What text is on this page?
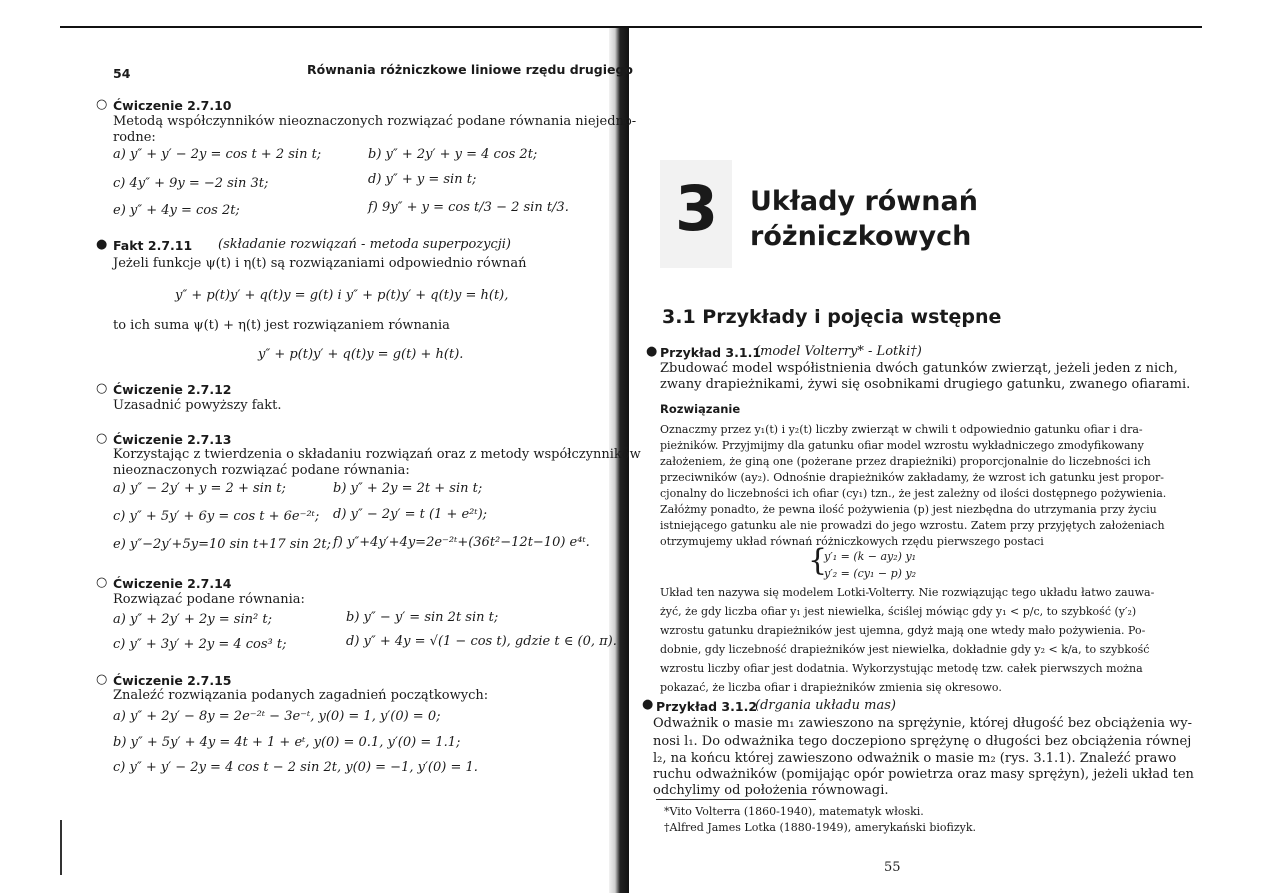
54	Równania różniczkowe liniowe rzędu drugiego
○ Ćwiczenie 2.7.10
Metodą współczynników nieoznaczonych rozwiązać podane równania niejedno-
rodne:
a) y″ + y′ − 2y = cos t + 2 sin t;	b) y″ + 2y′ + y = 4 cos 2t;
c) 4y″ + 9y = −2 sin 3t;	d) y″ + y = sin t;
e) y″ + 4y = cos 2t;	f) 9y″ + y = cos t/3 − 2 sin t/3.
● Fakt 2.7.11 (składanie rozwiązań - metoda superpozycji)
Jeżeli funkcje ψ(t) i η(t) są rozwiązaniami odpowiednio równań
y″ + p(t)y′ + q(t)y = g(t) i y″ + p(t)y′ + q(t)y = h(t),
to ich suma ψ(t) + η(t) jest rozwiązaniem równania
y″ + p(t)y′ + q(t)y = g(t) + h(t).
○ Ćwiczenie 2.7.12
Uzasadnić powyższy fakt.
○ Ćwiczenie 2.7.13
Korzystając z twierdzenia o składaniu rozwiązań oraz z metody współczynników
nieoznaczonych rozwiązać podane równania:
a) y″ − 2y′ + y = 2 + sin t;	b) y″ + 2y = 2t + sin t;
c) y″ + 5y′ + 6y = cos t + 6e⁻²ᵗ; d) y″ − 2y′ = t (1 + e²ᵗ);
e) y″−2y′+5y=10 sin t+17 sin 2t; f) y″+4y′+4y=2e⁻²ᵗ+(36t²−12t−10) e⁴ᵗ.
○ Ćwiczenie 2.7.14
Rozwiązać podane równania:
a) y″ + 2y′ + 2y = sin² t;	b) y″ − y′ = sin 2t sin t;
c) y″ + 3y′ + 2y = 4 cos³ t;	d) y″ + 4y = √(1 − cos t), gdzie t ∈ (0, π).
○ Ćwiczenie 2.7.15
Znaleźć rozwiązania podanych zagadnień początkowych:
a) y″ + 2y′ − 8y = 2e⁻²ᵗ − 3e⁻ᵗ, y(0) = 1, y′(0) = 0;
b) y″ + 5y′ + 4y = 4t + 1 + eᵗ, y(0) = 0.1, y′(0) = 1.1;
c) y″ + y′ − 2y = 4 cos t − 2 sin 2t, y(0) = −1, y′(0) = 1.
3 Układy równań
różniczkowych
3.1 Przykłady i pojęcia wstępne
● Przykład 3.1.1
(model Volterry* - Lotki†)
Zbudować model współistnienia dwóch gatunków zwierząt, jeżeli jeden z nich,
zwany drapieżnikami, żywi się osobnikami drugiego gatunku, zwanego ofiarami.
Rozwiązanie
Oznaczmy przez y₁(t) i y₂(t) liczby zwierząt w chwili t odpowiednio gatunku ofiar i dra-
pieżników. Przyjmijmy dla gatunku ofiar model wzrostu wykładniczego zmodyfikowany
założeniem, że giną one (pożerane przez drapieżniki) proporcjonalnie do liczebności ich
przeciwników (ay₂). Odnośnie drapieżników zakładamy, że wzrost ich gatunku jest propor-
cjonalny do liczebności ich ofiar (cy₁) tzn., że jest zależny od ilości dostępnego pożywienia.
Załóżmy ponadto, że pewna ilość pożywienia (p) jest niezbędna do utrzymania przy życiu
istniejącego gatunku ale nie prowadzi do jego wzrostu. Zatem przy przyjętych założeniach
otrzymujemy układ równań różniczkowych rzędu pierwszego postaci
{
y′₁ = (k − ay₂) y₁
y′₂ = (cy₁ − p) y₂
Układ ten nazywa się modelem Lotki-Volterry. Nie rozwiązując tego układu łatwo zauwa-
żyć, że gdy liczba ofiar y₁ jest niewielka, ściślej mówiąc gdy y₁ < p/c, to szybkość (y′₂)
wzrostu gatunku drapieżników jest ujemna, gdyż mają one wtedy mało pożywienia. Po-
dobnie, gdy liczebność drapieżników jest niewielka, dokładnie gdy y₂ < k/a, to szybkość
wzrostu liczby ofiar jest dodatnia. Wykorzystując metodę tzw. całek pierwszych można
pokazać, że liczba ofiar i drapieżników zmienia się okresowo.
● Przykład 3.1.2
(drgania układu mas)
Odważnik o masie m₁ zawieszono na sprężynie, której długość bez obciążenia wy-
nosi l₁. Do odważnika tego doczepiono sprężynę o długości bez obciążenia równej
l₂, na końcu której zawieszono odważnik o masie m₂ (rys. 3.1.1). Znaleźć prawo
ruchu odważników (pomijając opór powietrza oraz masy sprężyn), jeżeli układ ten
odchylimy od położenia równowagi.
*Vito Volterra (1860-1940), matematyk włoski.
†Alfred James Lotka (1880-1949), amerykański biofizyk.
55
